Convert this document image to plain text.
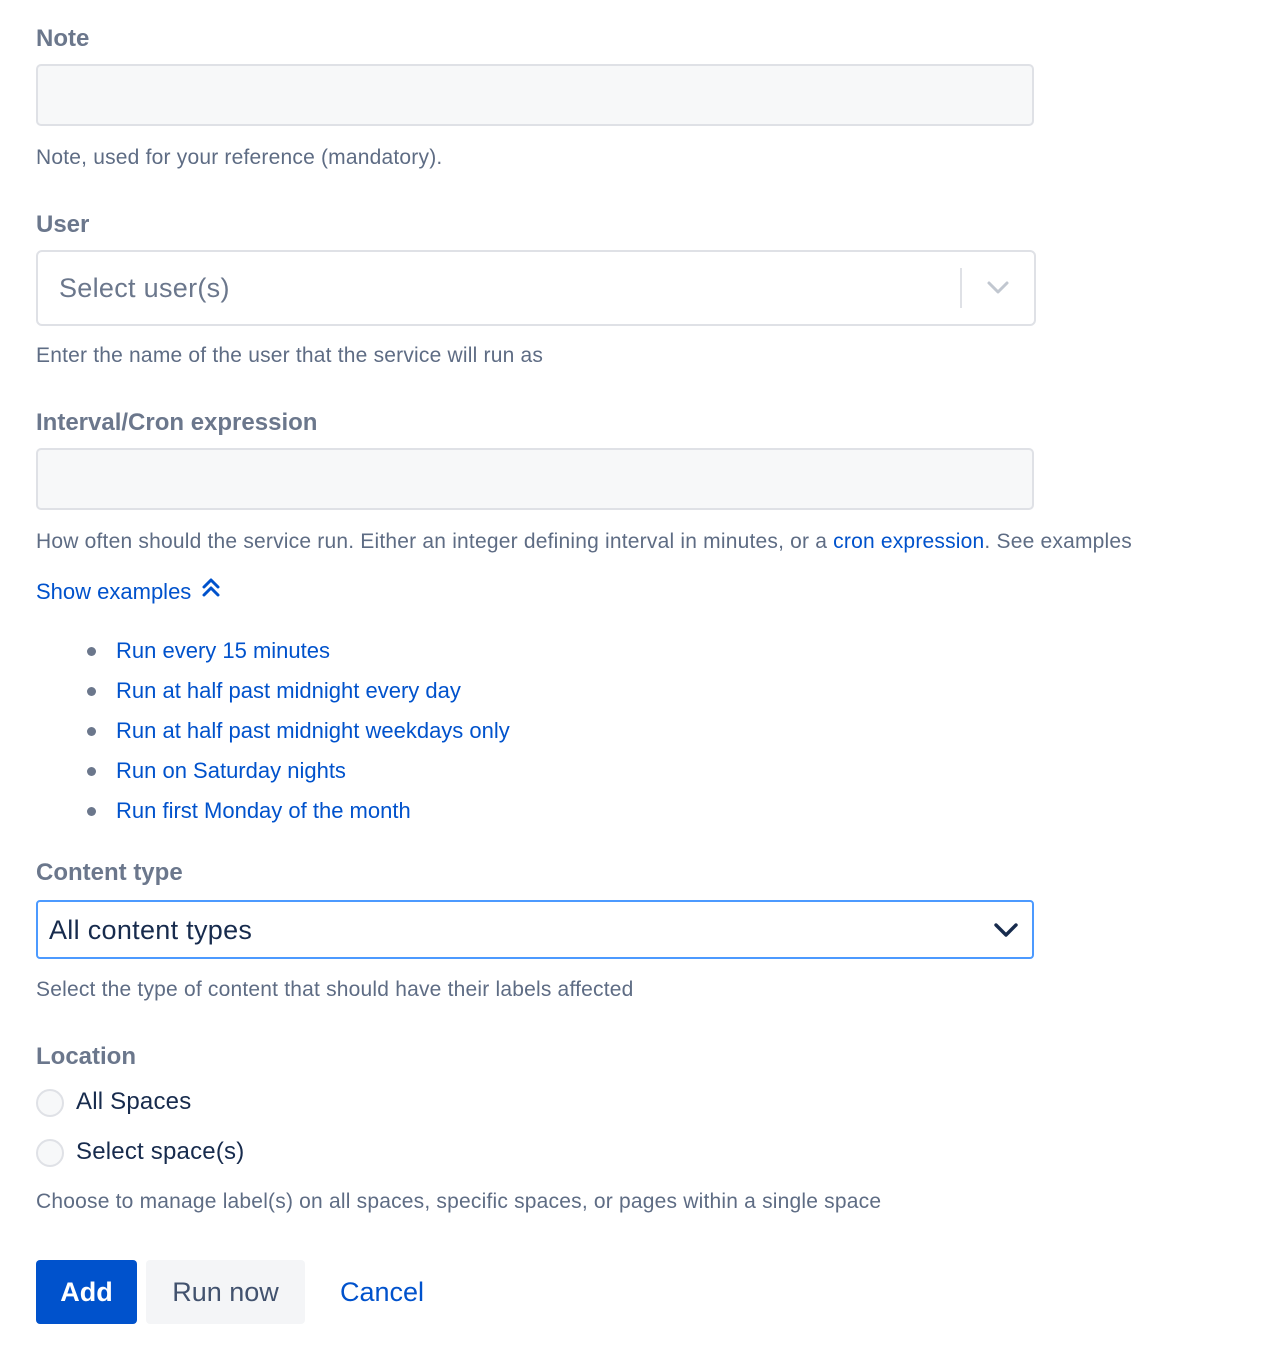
Note
Note, used for your reference (mandatory).
User
Select user(s)
Enter the name of the user that the service will run as
Interval/Cron expression
How often should the service run. Either an integer defining interval in minutes, or a cron expression. See examples
Show examples
Run every 15 minutes
Run at half past midnight every day
Run at half past midnight weekdays only
Run on Saturday nights
Run first Monday of the month
Content type
All content types
Select the type of content that should have their labels affected
Location
All Spaces
Select space(s)
Choose to manage label(s) on all spaces, specific spaces, or pages within a single space
Add	Run now	Cancel
